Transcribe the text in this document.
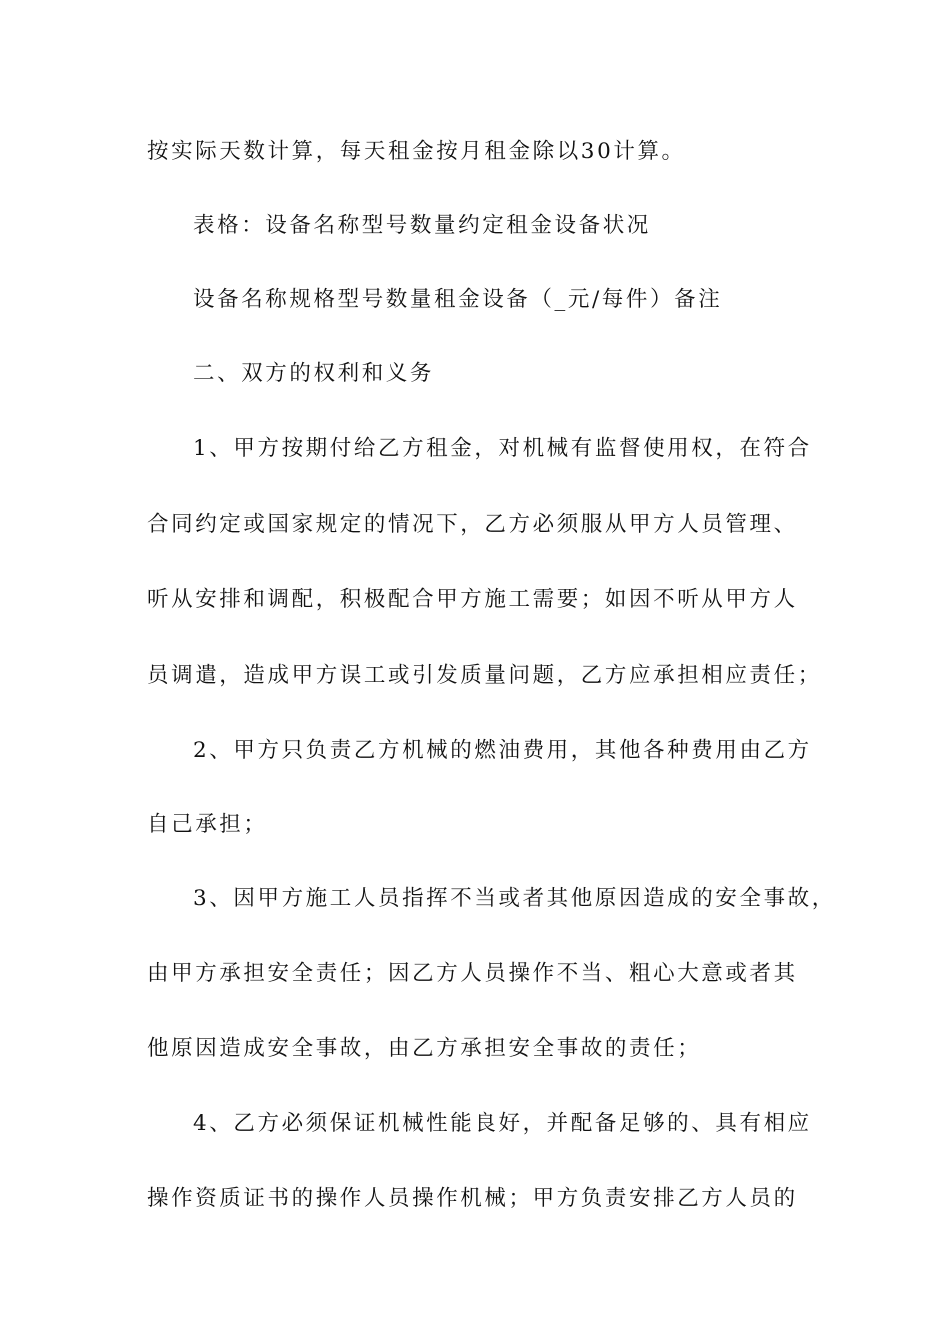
按实际天数计算，每天租金按月租金除以30计算。
表格：设备名称型号数量约定租金设备状况
设备名称规格型号数量租金设备（_元/每件）备注
二、双方的权利和义务
1、甲方按期付给乙方租金，对机械有监督使用权，在符合
合同约定或国家规定的情况下，乙方必须服从甲方人员管理、
听从安排和调配，积极配合甲方施工需要；如因不听从甲方人
员调遣，造成甲方误工或引发质量问题，乙方应承担相应责任；
2、甲方只负责乙方机械的燃油费用，其他各种费用由乙方
自己承担；
3、因甲方施工人员指挥不当或者其他原因造成的安全事故，
由甲方承担安全责任；因乙方人员操作不当、粗心大意或者其
他原因造成安全事故，由乙方承担安全事故的责任；
4、乙方必须保证机械性能良好，并配备足够的、具有相应
操作资质证书的操作人员操作机械；甲方负责安排乙方人员的
